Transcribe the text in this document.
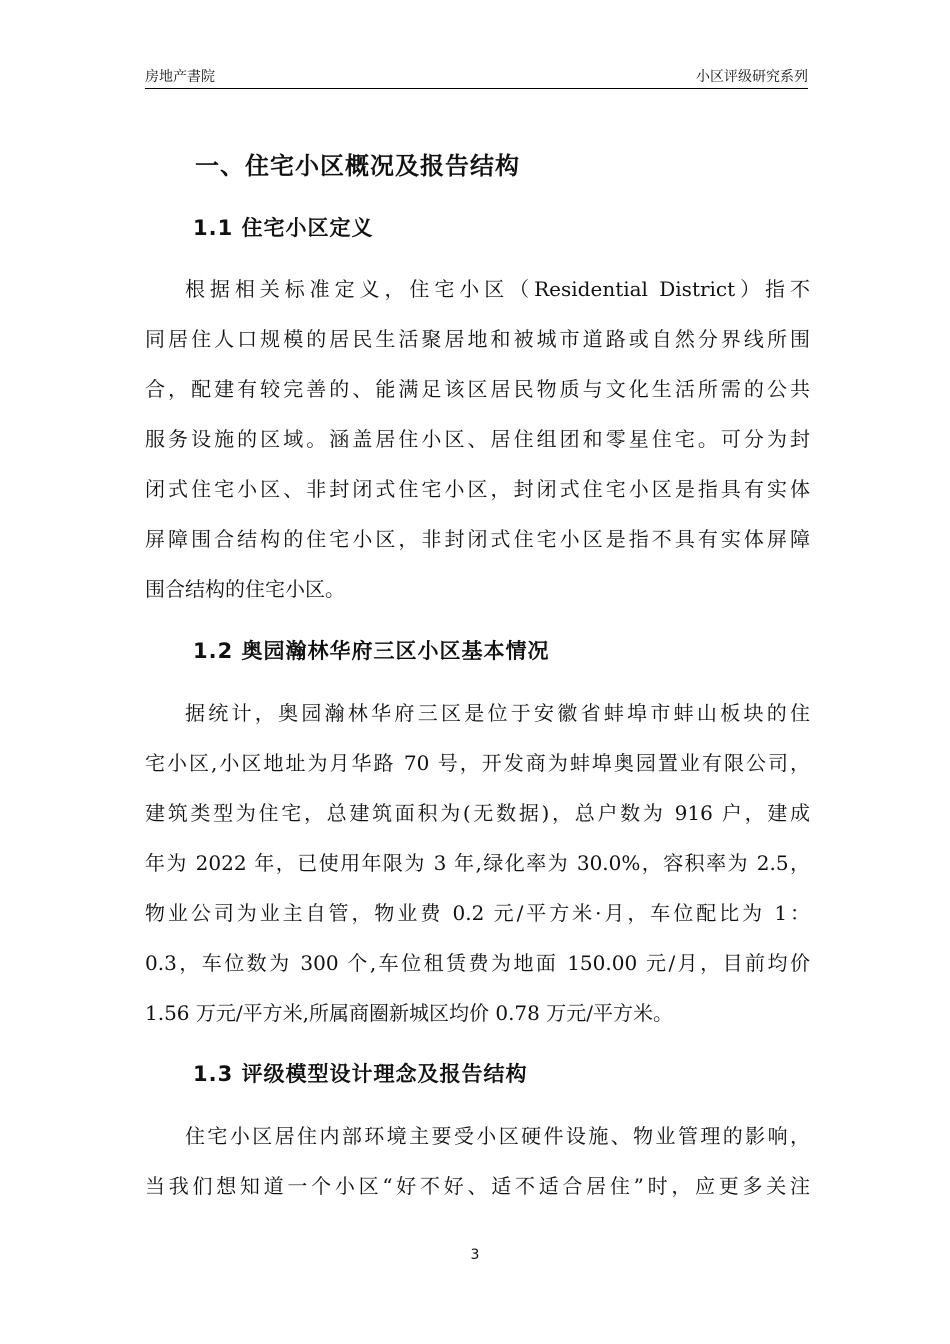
房地产書院	小区评级研究系列
一、住宅小区概况及报告结构
1.1 住宅小区定义
根据相关标准定义，住宅小区（Residential District）指不
同居住人口规模的居民生活聚居地和被城市道路或自然分界线所围
合，配建有较完善的、能满足该区居民物质与文化生活所需的公共
服务设施的区域。涵盖居住小区、居住组团和零星住宅。可分为封
闭式住宅小区、非封闭式住宅小区，封闭式住宅小区是指具有实体
屏障围合结构的住宅小区，非封闭式住宅小区是指不具有实体屏障
围合结构的住宅小区。
1.2 奥园瀚林华府三区小区基本情况
据统计，奥园瀚林华府三区是位于安徽省蚌埠市蚌山板块的住
宅小区,小区地址为月华路 70 号，开发商为蚌埠奥园置业有限公司，
建筑类型为住宅，总建筑面积为(无数据)，总户数为 916 户，建成
年为 2022 年，已使用年限为 3 年,绿化率为 30.0%，容积率为 2.5，
物业公司为业主自管，物业费 0.2 元/平方米·月，车位配比为 1：
0.3，车位数为 300 个,车位租赁费为地面 150.00 元/月，目前均价
1.56 万元/平方米,所属商圈新城区均价 0.78 万元/平方米。
1.3 评级模型设计理念及报告结构
住宅小区居住内部环境主要受小区硬件设施、物业管理的影响，
当我们想知道一个小区“好不好、适不适合居住”时，应更多关注
3
